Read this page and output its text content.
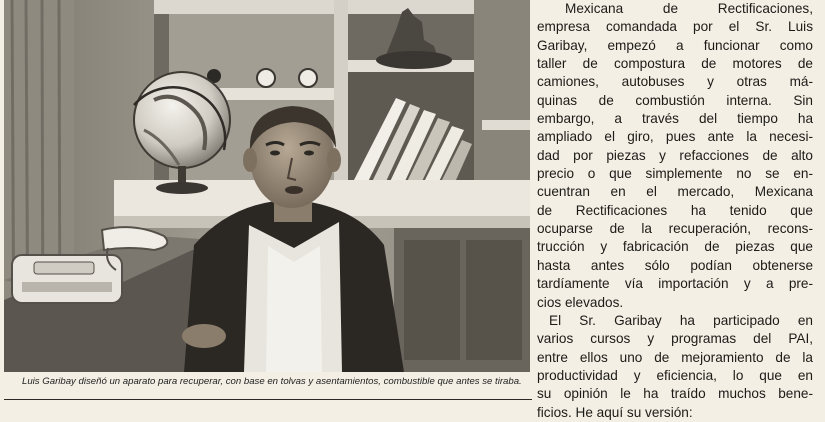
Luis Garibay diseñó un aparato para recuperar, con base en tolvas y asentamientos, combustible que antes se tiraba.

Mexicana de Rectificaciones,
empresa comandada por el Sr. Luis
Garibay, empezó a funcionar como
taller de compostura de motores de
camiones, autobuses y otras má-
quinas de combustión interna. Sin
embargo, a través del tiempo ha
ampliado el giro, pues ante la necesi-
dad por piezas y refacciones de alto
precio o que simplemente no se en-
cuentran en el mercado, Mexicana
de Rectificaciones ha tenido que
ocuparse de la recuperación, recons-
trucción y fabricación de piezas que
hasta antes sólo podían obtenerse
tardíamente vía importación y a pre-
cios elevados.

El Sr. Garibay ha participado en
varios cursos y programas del PAI,
entre ellos uno de mejoramiento de la
productividad y eficiencia, lo que en
su opinión le ha traído muchos bene-
ficios. He aquí su versión:
